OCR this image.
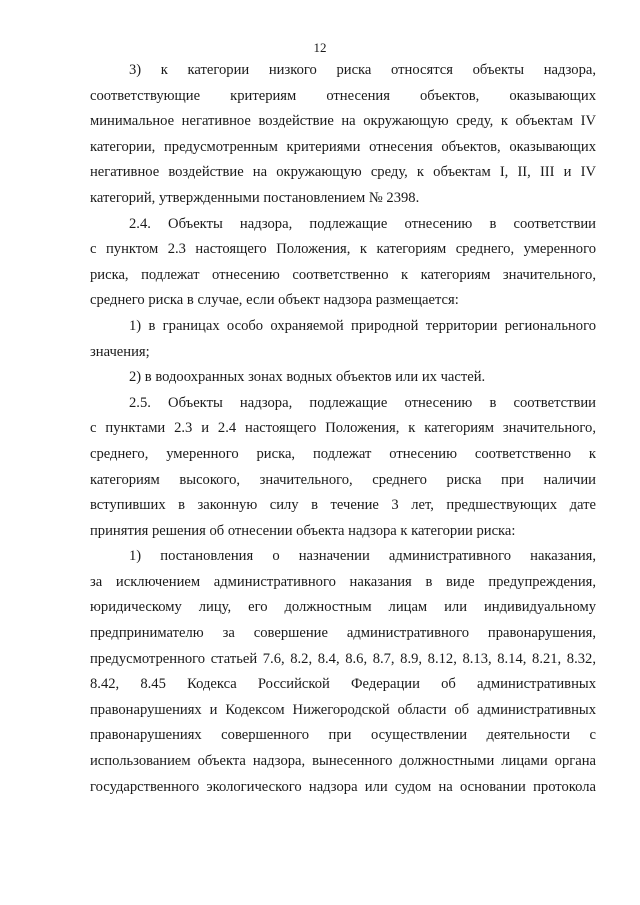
12

3) к категории низкого риска относятся объекты надзора,
соответствующие критериям отнесения объектов, оказывающих
минимальное негативное воздействие на окружающую среду, к объектам IV
категории, предусмотренным критериями отнесения объектов, оказывающих
негативное воздействие на окружающую среду, к объектам I, II, III и IV
категорий, утвержденными постановлением № 2398.

2.4. Объекты надзора, подлежащие отнесению в соответствии
с пунктом 2.3 настоящего Положения, к категориям среднего, умеренного
риска, подлежат отнесению соответственно к категориям значительного,
среднего риска в случае, если объект надзора размещается:

1) в границах особо охраняемой природной территории регионального
значения;

2) в водоохранных зонах водных объектов или их частей.

2.5. Объекты надзора, подлежащие отнесению в соответствии
с пунктами 2.3 и 2.4 настоящего Положения, к категориям значительного,
среднего, умеренного риска, подлежат отнесению соответственно к
категориям высокого, значительного, среднего риска при наличии
вступивших в законную силу в течение 3 лет, предшествующих дате
принятия решения об отнесении объекта надзора к категории риска:

1) постановления о назначении административного наказания,
за исключением административного наказания в виде предупреждения,
юридическому лицу, его должностным лицам или индивидуальному
предпринимателю за совершение административного правонарушения,
предусмотренного статьей 7.6, 8.2, 8.4, 8.6, 8.7, 8.9, 8.12, 8.13, 8.14, 8.21, 8.32,
8.42, 8.45 Кодекса Российской Федерации об административных
правонарушениях и Кодексом Нижегородской области об административных
правонарушениях совершенного при осуществлении деятельности с
использованием объекта надзора, вынесенного должностными лицами органа
государственного экологического надзора или судом на основании протокола
